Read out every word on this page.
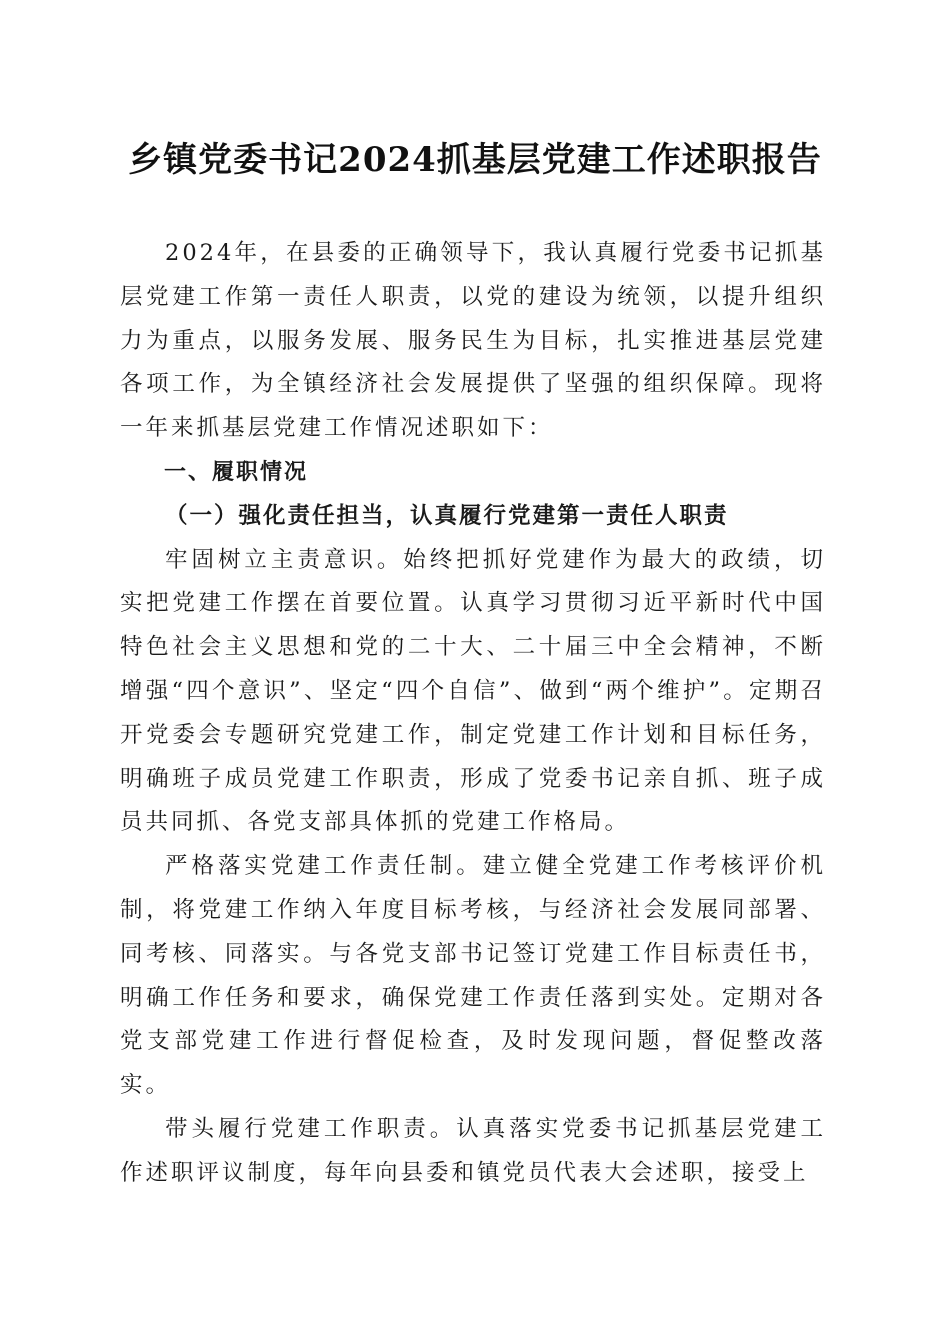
乡镇党委书记2024抓基层党建工作述职报告

2024年，在县委的正确领导下，我认真履行党委书记抓基层党建工作第一责任人职责，以党的建设为统领，以提升组织力为重点，以服务发展、服务民生为目标，扎实推进基层党建各项工作，为全镇经济社会发展提供了坚强的组织保障。现将一年来抓基层党建工作情况述职如下：

一、履职情况

（一）强化责任担当，认真履行党建第一责任人职责

牢固树立主责意识。始终把抓好党建作为最大的政绩，切实把党建工作摆在首要位置。认真学习贯彻习近平新时代中国特色社会主义思想和党的二十大、二十届三中全会精神，不断增强“四个意识”、坚定“四个自信”、做到“两个维护”。定期召开党委会专题研究党建工作，制定党建工作计划和目标任务，明确班子成员党建工作职责，形成了党委书记亲自抓、班子成员共同抓、各党支部具体抓的党建工作格局。

严格落实党建工作责任制。建立健全党建工作考核评价机制，将党建工作纳入年度目标考核，与经济社会发展同部署、同考核、同落实。与各党支部书记签订党建工作目标责任书，明确工作任务和要求，确保党建工作责任落到实处。定期对各党支部党建工作进行督促检查，及时发现问题，督促整改落实。

带头履行党建工作职责。认真落实党委书记抓基层党建工作述职评议制度，每年向县委和镇党员代表大会述职，接受上
